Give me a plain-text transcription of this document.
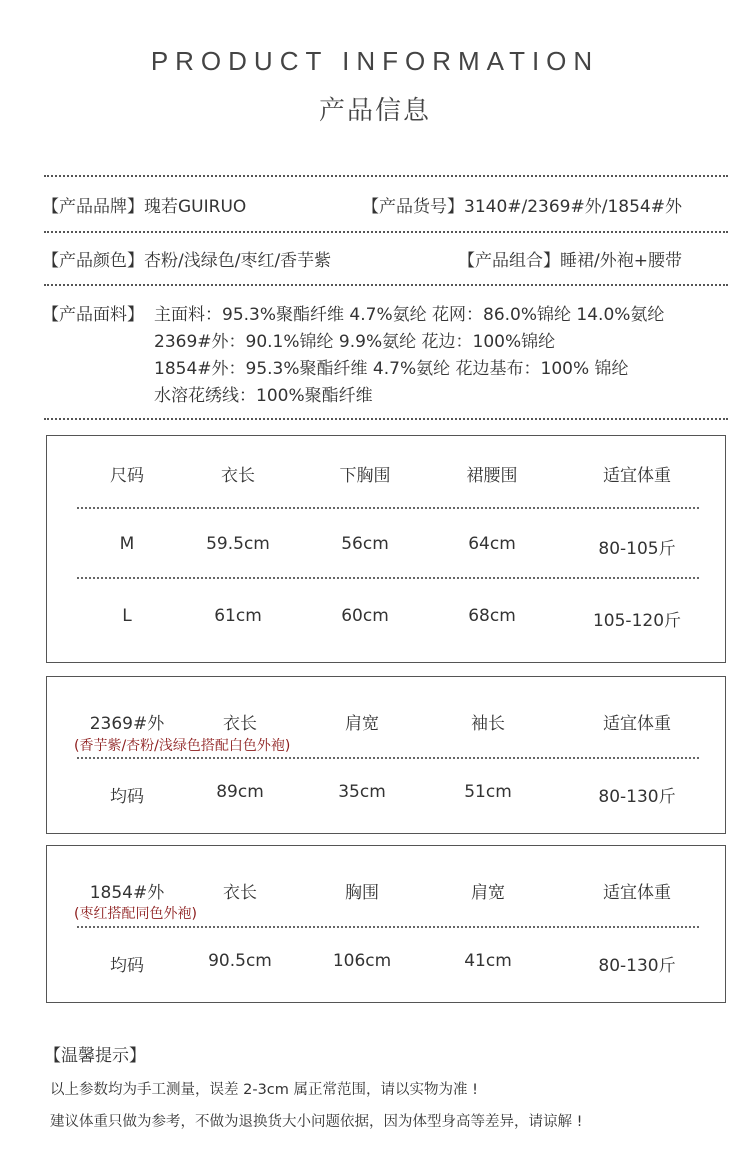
PRODUCT INFORMATION
产品信息
【产品品牌】瑰若GUIRUO	【产品货号】3140#/2369#外/1854#外
【产品颜色】杏粉/浅绿色/枣红/香芋紫	【产品组合】睡裙/外袍+腰带
【产品面料】 主面料：95.3%聚酯纤维 4.7%氨纶 花网：86.0%锦纶 14.0%氨纶
2369#外：90.1%锦纶 9.9%氨纶 花边：100%锦纶
1854#外：95.3%聚酯纤维 4.7%氨纶 花边基布：100% 锦纶
水溶花绣线：100%聚酯纤维
尺码	衣长	下胸围	裙腰围	适宜体重
M	59.5cm	56cm	64cm	80-105斤
L	61cm	60cm	68cm	105-120斤
2369#外	衣长	肩宽	袖长	适宜体重
(香芋紫/杏粉/浅绿色搭配白色外袍)
均码	89cm	35cm	51cm	80-130斤
1854#外	衣长	胸围	肩宽	适宜体重
(枣红搭配同色外袍)
均码	90.5cm	106cm	41cm	80-130斤
【温馨提示】
以上参数均为手工测量，误差 2-3cm 属正常范围，请以实物为准 !
建议体重只做为参考，不做为退换货大小问题依据，因为体型身高等差异，请谅解 !
